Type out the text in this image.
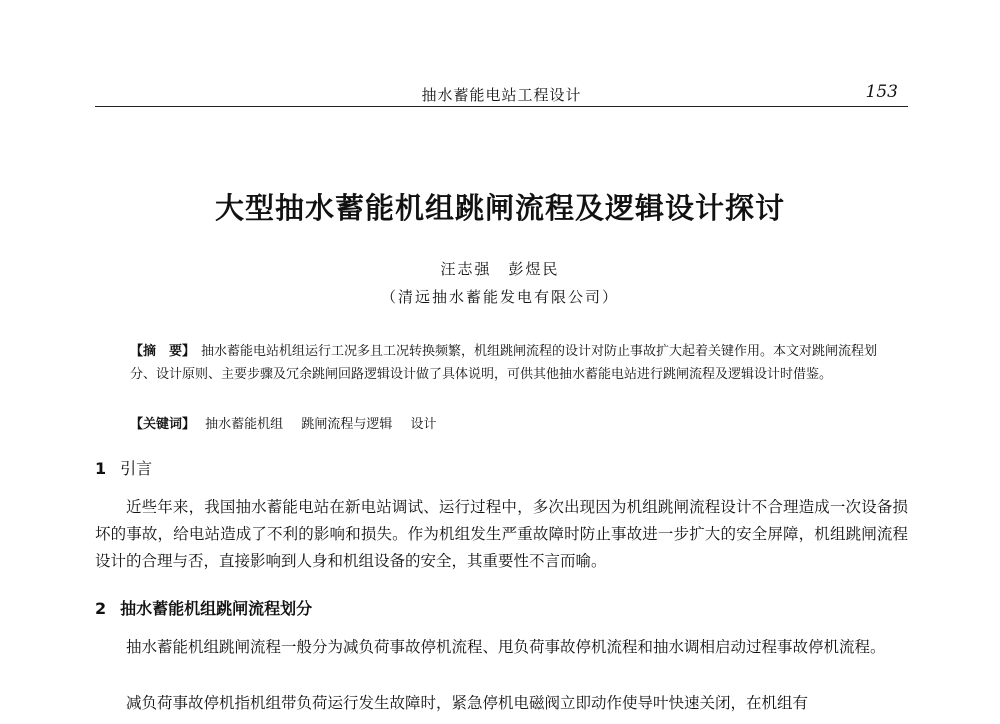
抽水蓄能电站工程设计	153
大型抽水蓄能机组跳闸流程及逻辑设计探讨
汪志强　彭煜民
（清远抽水蓄能发电有限公司）
【摘　要】 抽水蓄能电站机组运行工况多且工况转换频繁，机组跳闸流程的设计对防止事故扩大起着关键作用。本文对跳闸流程划分、设计原则、主要步骤及冗余跳闸回路逻辑设计做了具体说明，可供其他抽水蓄能电站进行跳闸流程及逻辑设计时借鉴。
【关键词】 抽水蓄能机组 跳闸流程与逻辑 设计
1 引言
近些年来，我国抽水蓄能电站在新电站调试、运行过程中，多次出现因为机组跳闸流程设计不合理造成一次设备损坏的事故，给电站造成了不利的影响和损失。作为机组发生严重故障时防止事故进一步扩大的安全屏障，机组跳闸流程设计的合理与否，直接影响到人身和机组设备的安全，其重要性不言而喻。
2 抽水蓄能机组跳闸流程划分
抽水蓄能机组跳闸流程一般分为减负荷事故停机流程、甩负荷事故停机流程和抽水调相启动过程事故停机流程。
减负荷事故停机指机组带负荷运行发生故障时，紧急停机电磁阀立即动作使导叶快速关闭，在机组有
